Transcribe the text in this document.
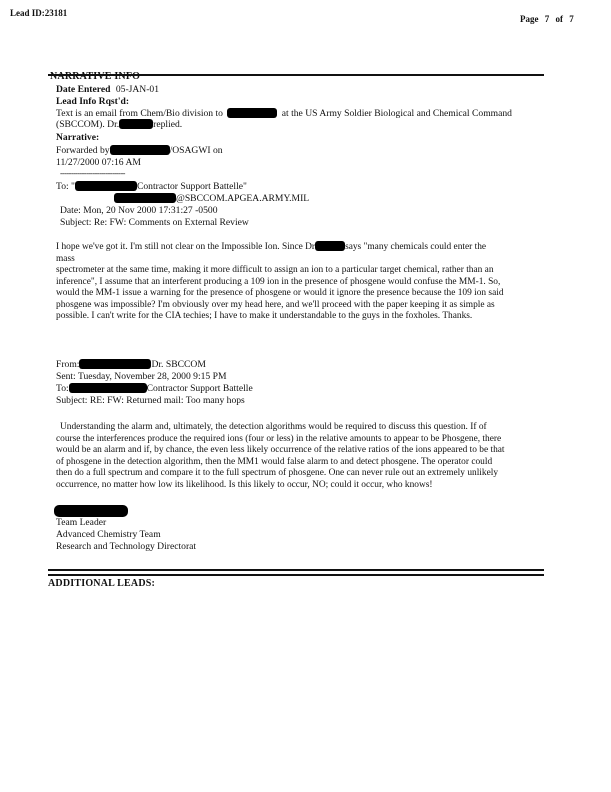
Lead ID:23181
Page 7 of 7
NARRATIVE INFO
Date Entered 05-JAN-01
Lead Info Rqst'd:
Text is an email from Chem/Bio division to	at the US Army Soldier Biological and Chemical Command
(SBCCOM). Dr.	replied.
Narrative:
Forwarded by	/OSAGWI on
11/27/2000 07:16 AM
------------------------------
To: "	Contractor Support Battelle"
@SBCCOM.APGEA.ARMY.MIL
Date: Mon, 20 Nov 2000 17:31:27 -0500
Subject: Re: FW: Comments on External Review
I hope we've got it. I'm still not clear on the Impossible Ion. Since Dr	says "many chemicals could enter the
mass
spectrometer at the same time, making it more difficult to assign an ion to a particular target chemical, rather than an
inference", I assume that an interferent producing a 109 ion in the presence of phosgene would confuse the MM-1. So,
would the MM-1 issue a warning for the presence of phosgene or would it ignore the presence because the 109 ion said
phosgene was impossible? I'm obviously over my head here, and we'll proceed with the paper keeping it as simple as
possible. I can't write for the CIA techies; I have to make it understandable to the guys in the foxholes. Thanks.
From:	Dr. SBCCOM
Sent: Tuesday, November 28, 2000 9:15 PM
To:	Contractor Support Battelle
Subject: RE: FW: Returned mail: Too many hops
Understanding the alarm and, ultimately, the detection algorithms would be required to discuss this question. If of
course the interferences produce the required ions (four or less) in the relative amounts to appear to be Phosgene, there
would be an alarm and if, by chance, the even less likely occurrence of the relative ratios of the ions appeared to be that
of phosgene in the detection algorithm, then the MM1 would false alarm to and detect phosgene. The operator could
then do a full spectrum and compare it to the full spectrum of phosgene. One can never rule out an extremely unlikely
occurrence, no matter how low its likelihood. Is this likely to occur, NO; could it occur, who knows!
Team Leader
Advanced Chemistry Team
Research and Technology Directorat
ADDITIONAL LEADS:
